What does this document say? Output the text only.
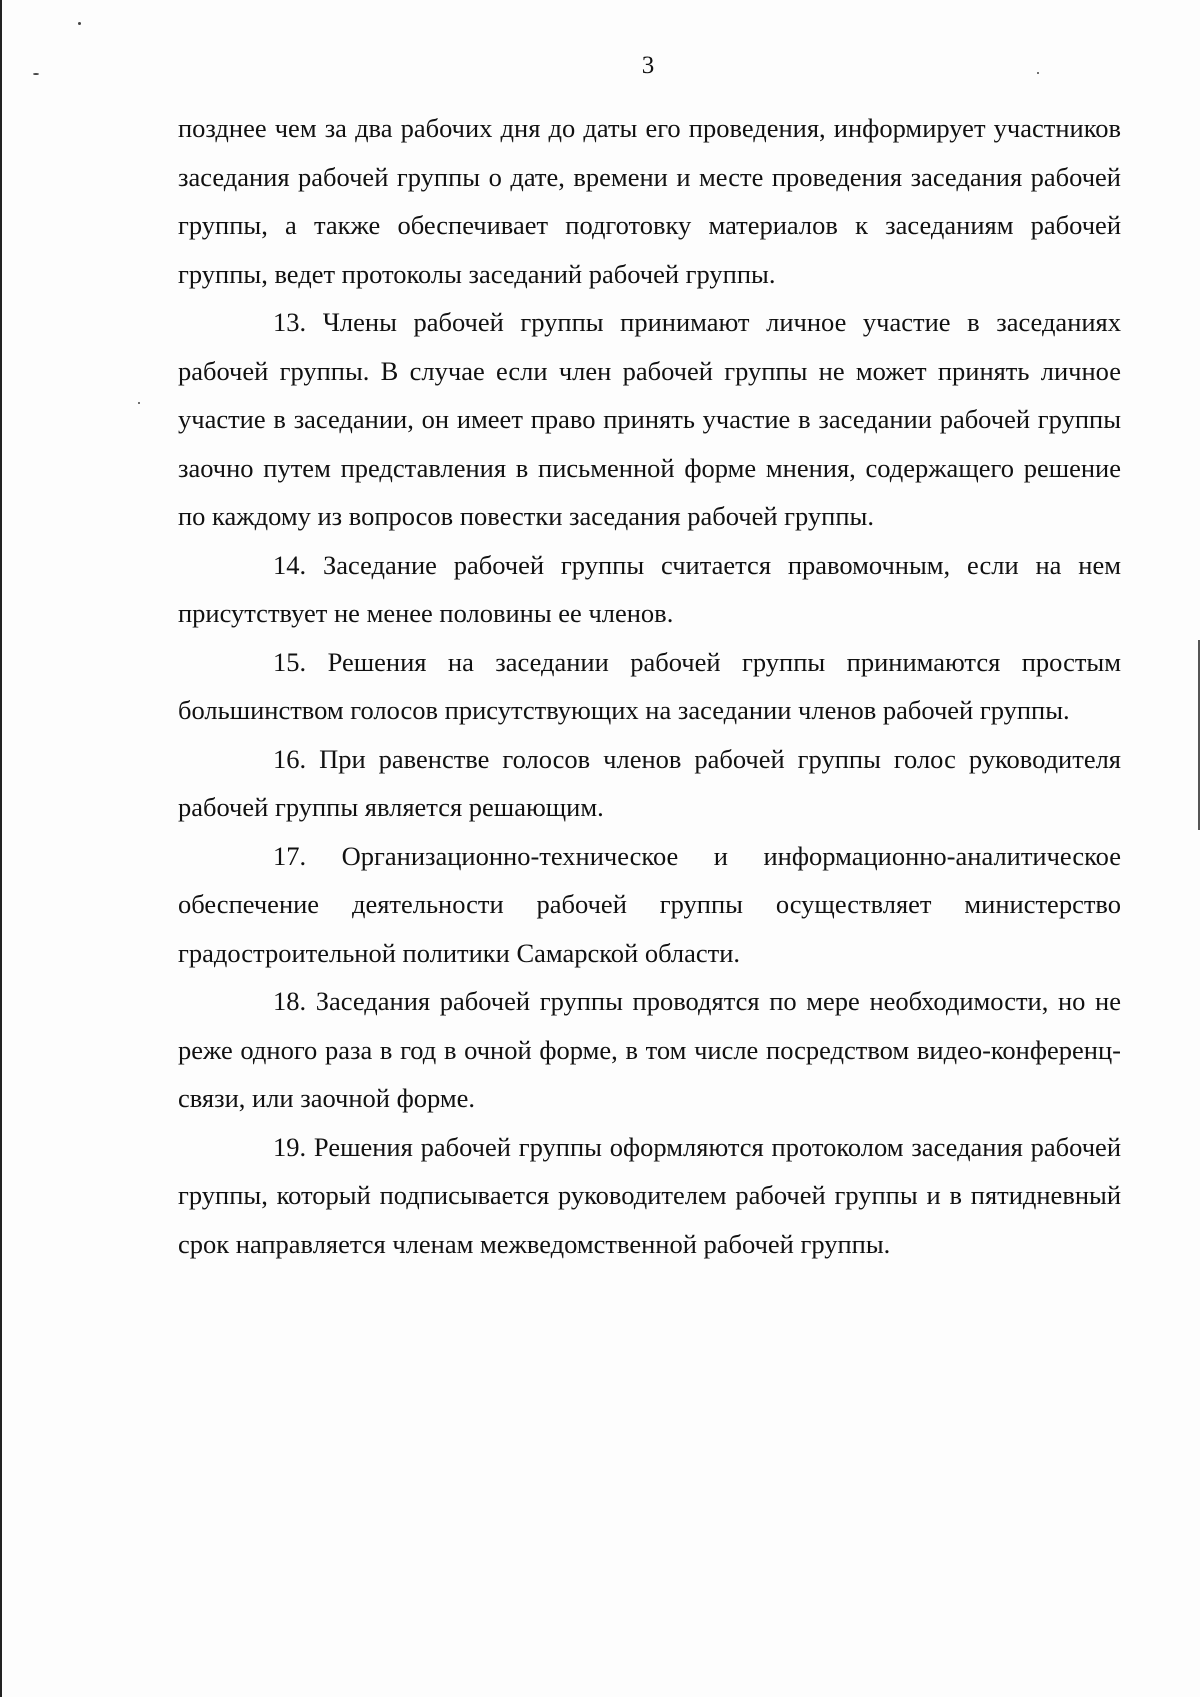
3

позднее чем за два рабочих дня до даты его проведения, информирует участников заседания рабочей группы о дате, времени и месте проведения заседания рабочей группы, а также обеспечивает подготовку материалов к заседаниям рабочей группы, ведет протоколы заседаний рабочей группы.

13. Члены рабочей группы принимают личное участие в заседаниях рабочей группы. В случае если член рабочей группы не может принять личное участие в заседании, он имеет право принять участие в заседании рабочей группы заочно путем представления в письменной форме мнения, содержащего решение по каждому из вопросов повестки заседания рабочей группы.

14. Заседание рабочей группы считается правомочным, если на нем присутствует не менее половины ее членов.

15. Решения на заседании рабочей группы принимаются простым большинством голосов присутствующих на заседании членов рабочей группы.

16. При равенстве голосов членов рабочей группы голос руководителя рабочей группы является решающим.

17. Организационно-техническое и информационно-аналитическое обеспечение деятельности рабочей группы осуществляет министерство градостроительной политики Самарской области.

18. Заседания рабочей группы проводятся по мере необходимости, но не реже одного раза в год в очной форме, в том числе посредством видео-конференц-связи, или заочной форме.

19. Решения рабочей группы оформляются протоколом заседания рабочей группы, который подписывается руководителем рабочей группы и в пятидневный срок направляется членам межведомственной рабочей группы.
